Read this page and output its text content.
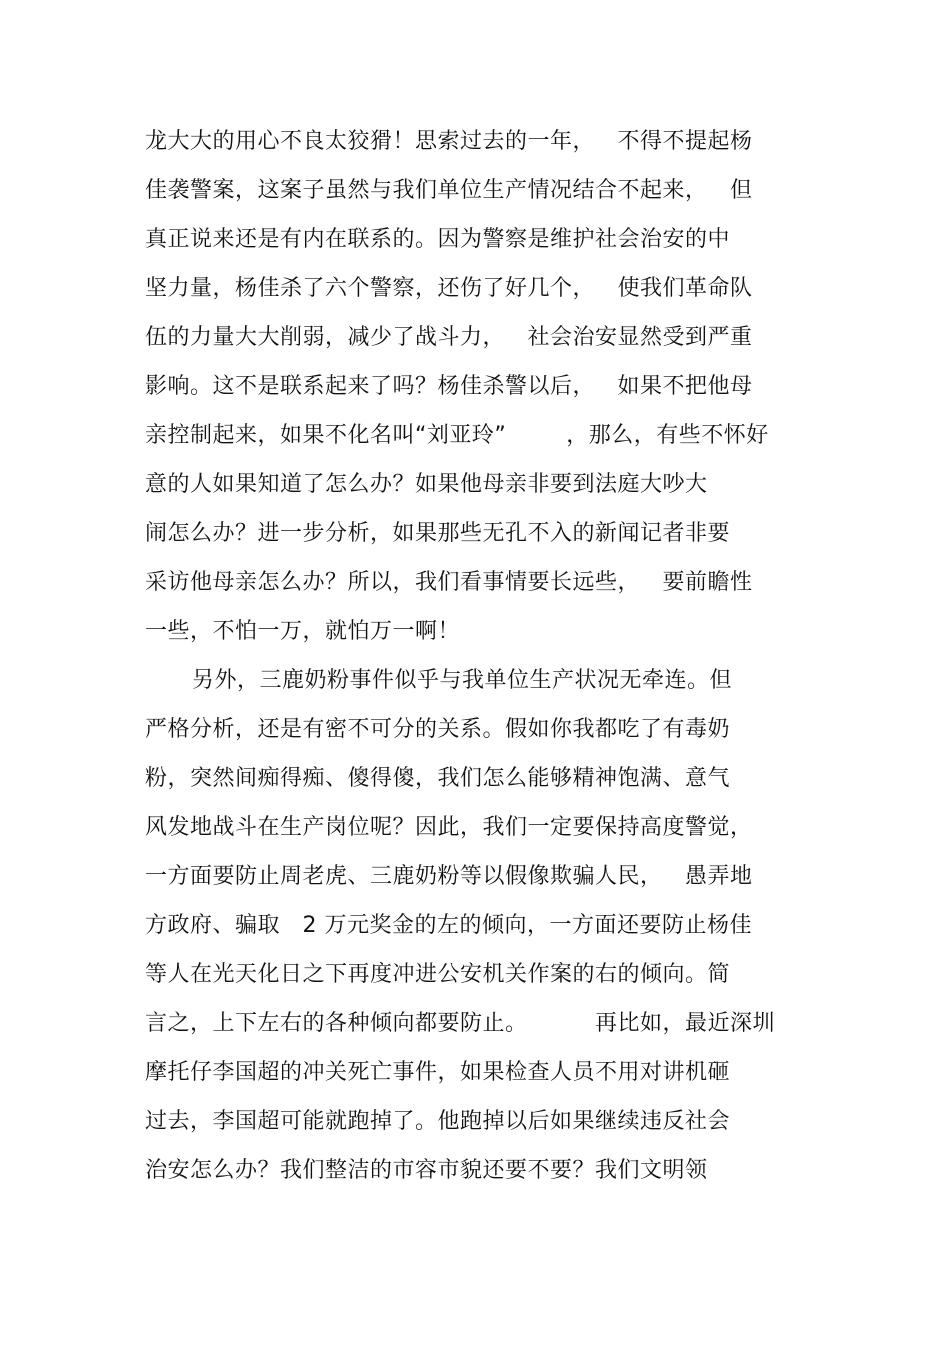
龙大大的用心不良太狡猾！思索过去的一年，   不得不提起杨
佳袭警案，这案子虽然与我们单位生产情况结合不起来，   但
真正说来还是有内在联系的。因为警察是维护社会治安的中
坚力量，杨佳杀了六个警察，还伤了好几个，   使我们革命队
伍的力量大大削弱，减少了战斗力，   社会治安显然受到严重
影响。这不是联系起来了吗？杨佳杀警以后，   如果不把他母
亲控制起来，如果不化名叫“刘亚玲”        ，那么，有些不怀好
意的人如果知道了怎么办？如果他母亲非要到法庭大吵大
闹怎么办？进一步分析，如果那些无孔不入的新闻记者非要
采访他母亲怎么办？所以，我们看事情要长远些，   要前瞻性
一些，不怕一万，就怕万一啊！
另外，三鹿奶粉事件似乎与我单位生产状况无牵连。但
严格分析，还是有密不可分的关系。假如你我都吃了有毒奶
粉，突然间痴得痴、傻得傻，我们怎么能够精神饱满、意气
风发地战斗在生产岗位呢？因此，我们一定要保持高度警觉，
一方面要防止周老虎、三鹿奶粉等以假像欺骗人民，   愚弄地
方政府、骗取   2 万元奖金的左的倾向，一方面还要防止杨佳
等人在光天化日之下再度冲进公安机关作案的右的倾向。简
言之，上下左右的各种倾向都要防止。         再比如，最近深圳
摩托仔李国超的冲关死亡事件，如果检查人员不用对讲机砸
过去，李国超可能就跑掉了。他跑掉以后如果继续违反社会
治安怎么办？我们整洁的市容市貌还要不要？我们文明领
